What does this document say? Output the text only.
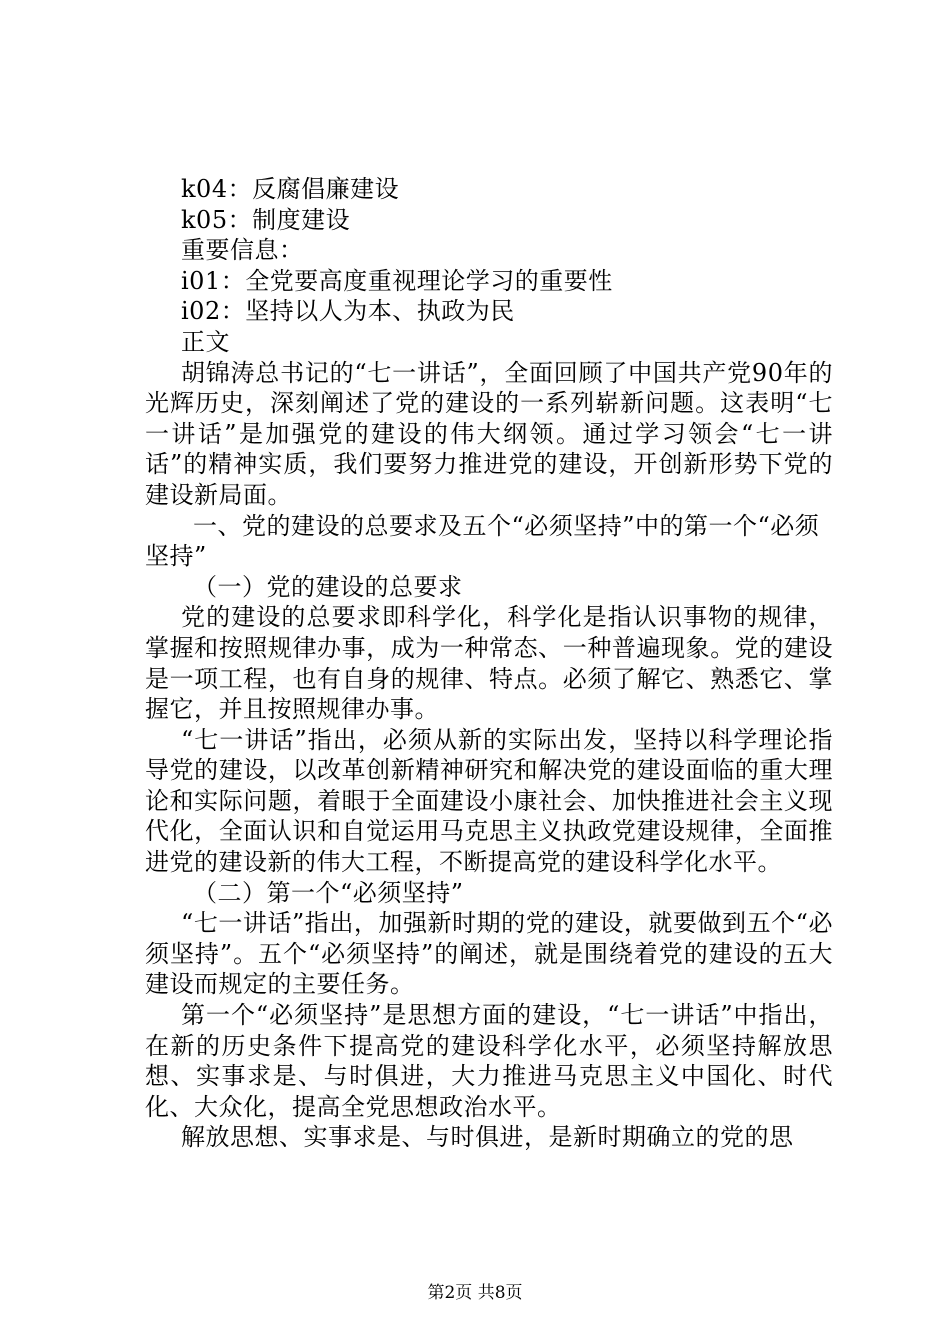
k04：反腐倡廉建设
k05：制度建设
重要信息：
i01：全党要高度重视理论学习的重要性
i02：坚持以人为本、执政为民
正文

胡锦涛总书记的“七一讲话”，全面回顾了中国共产党90年的光辉历史，深刻阐述了党的建设的一系列崭新问题。这表明“七一讲话”是加强党的建设的伟大纲领。通过学习领会“七一讲话”的精神实质，我们要努力推进党的建设，开创新形势下党的建设新局面。

一、党的建设的总要求及五个“必须坚持”中的第一个“必须坚持”

（一）党的建设的总要求

党的建设的总要求即科学化，科学化是指认识事物的规律，掌握和按照规律办事，成为一种常态、一种普遍现象。党的建设是一项工程，也有自身的规律、特点。必须了解它、熟悉它、掌握它，并且按照规律办事。

“七一讲话”指出，必须从新的实际出发，坚持以科学理论指导党的建设，以改革创新精神研究和解决党的建设面临的重大理论和实际问题，着眼于全面建设小康社会、加快推进社会主义现代化，全面认识和自觉运用马克思主义执政党建设规律，全面推进党的建设新的伟大工程，不断提高党的建设科学化水平。

（二）第一个“必须坚持”

“七一讲话”指出，加强新时期的党的建设，就要做到五个“必须坚持”。五个“必须坚持”的阐述，就是围绕着党的建设的五大建设而规定的主要任务。

第一个“必须坚持”是思想方面的建设，“七一讲话”中指出，在新的历史条件下提高党的建设科学化水平，必须坚持解放思想、实事求是、与时俱进，大力推进马克思主义中国化、时代化、大众化，提高全党思想政治水平。

解放思想、实事求是、与时俱进，是新时期确立的党的思

第2页 共8页
